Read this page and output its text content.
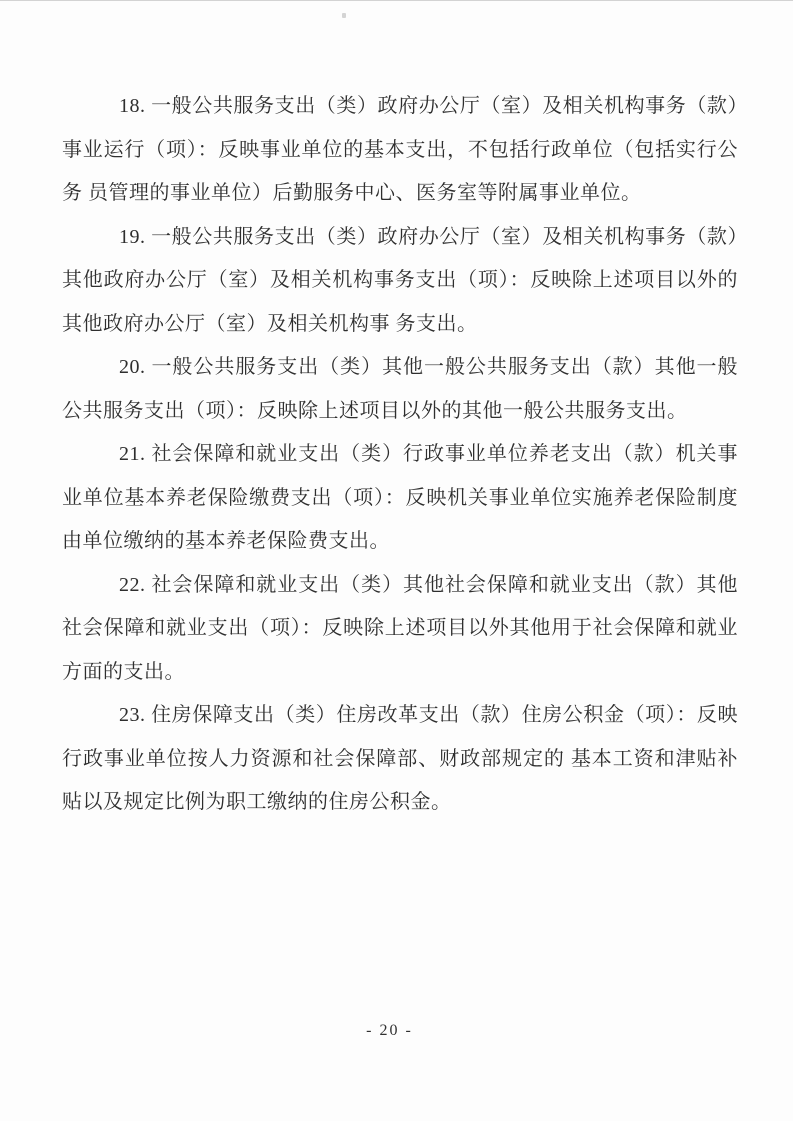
18. 一般公共服务支出（类）政府办公厅（室）及相关机构事务（款）事业运行（项）：反映事业单位的基本支出，不包括行政单位（包括实行公务 员管理的事业单位）后勤服务中心、医务室等附属事业单位。

19. 一般公共服务支出（类）政府办公厅（室）及相关机构事务（款）其他政府办公厅（室）及相关机构事务支出（项）：反映除上述项目以外的其他政府办公厅（室）及相关机构事 务支出。

20. 一般公共服务支出（类）其他一般公共服务支出（款）其他一般公共服务支出（项）：反映除上述项目以外的其他一般公共服务支出。

21. 社会保障和就业支出（类）行政事业单位养老支出（款）机关事业单位基本养老保险缴费支出（项）：反映机关事业单位实施养老保险制度由单位缴纳的基本养老保险费支出。

22. 社会保障和就业支出（类）其他社会保障和就业支出（款）其他社会保障和就业支出（项）：反映除上述项目以外其他用于社会保障和就业方面的支出。

23. 住房保障支出（类）住房改革支出（款）住房公积金（项）：反映行政事业单位按人力资源和社会保障部、财政部规定的 基本工资和津贴补贴以及规定比例为职工缴纳的住房公积金。

- 20 -
